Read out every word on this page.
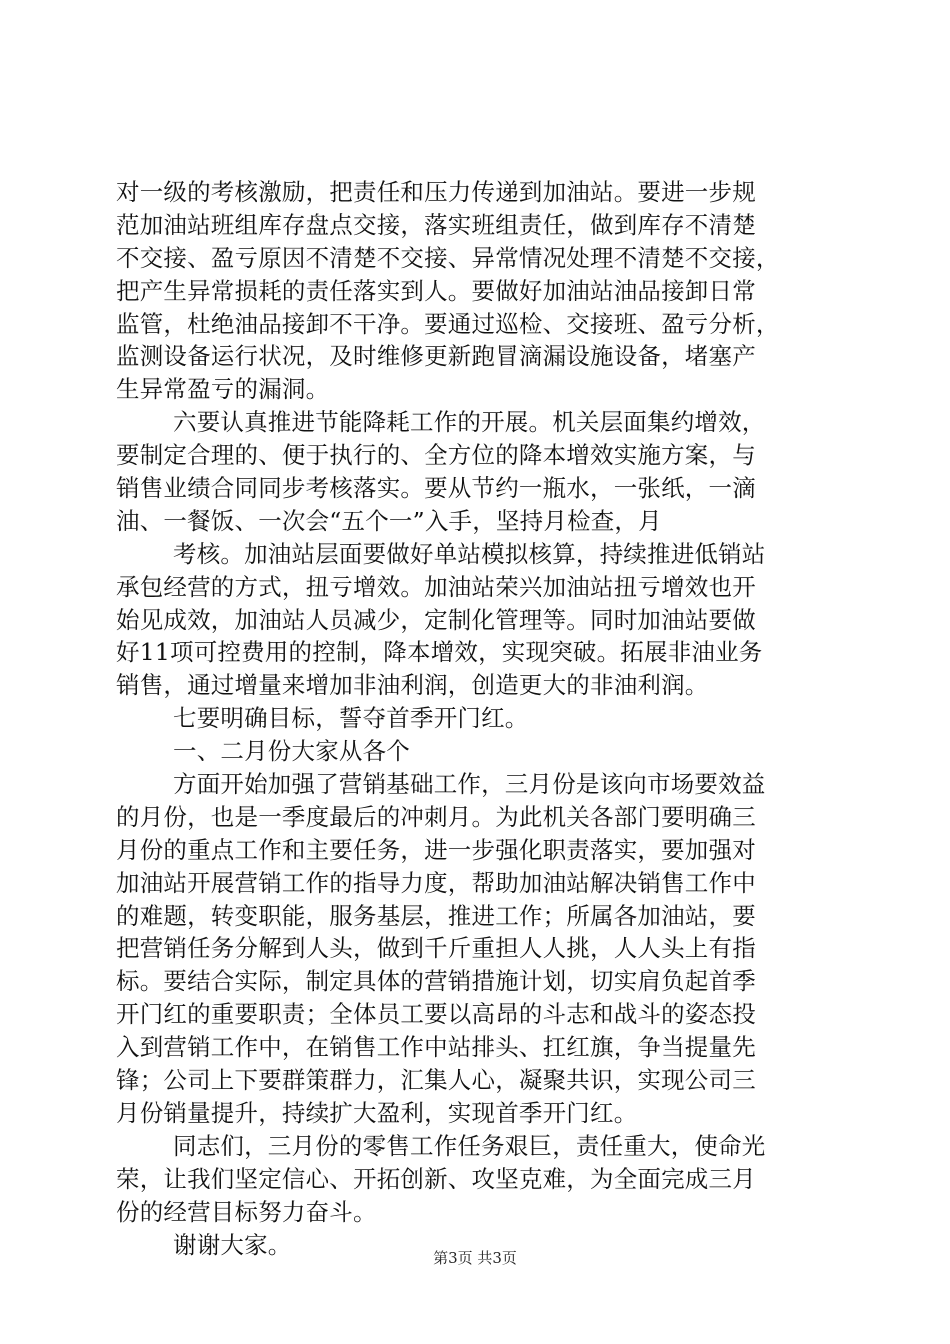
对一级的考核激励，把责任和压力传递到加油站。要进一步规
范加油站班组库存盘点交接，落实班组责任，做到库存不清楚
不交接、盈亏原因不清楚不交接、异常情况处理不清楚不交接，
把产生异常损耗的责任落实到人。要做好加油站油品接卸日常
监管，杜绝油品接卸不干净。要通过巡检、交接班、盈亏分析，
监测设备运行状况，及时维修更新跑冒滴漏设施设备，堵塞产
生异常盈亏的漏洞。
六要认真推进节能降耗工作的开展。机关层面集约增效，
要制定合理的、便于执行的、全方位的降本增效实施方案，与
销售业绩合同同步考核落实。要从节约一瓶水，一张纸，一滴
油、一餐饭、一次会“五个一”入手，坚持月检查，月
考核。加油站层面要做好单站模拟核算，持续推进低销站
承包经营的方式，扭亏增效。加油站荣兴加油站扭亏增效也开
始见成效，加油站人员减少，定制化管理等。同时加油站要做
好11项可控费用的控制，降本增效，实现突破。拓展非油业务
销售，通过增量来增加非油利润，创造更大的非油利润。
七要明确目标，誓夺首季开门红。
一、二月份大家从各个
方面开始加强了营销基础工作，三月份是该向市场要效益
的月份，也是一季度最后的冲刺月。为此机关各部门要明确三
月份的重点工作和主要任务，进一步强化职责落实，要加强对
加油站开展营销工作的指导力度，帮助加油站解决销售工作中
的难题，转变职能，服务基层，推进工作；所属各加油站，要
把营销任务分解到人头，做到千斤重担人人挑，人人头上有指
标。要结合实际，制定具体的营销措施计划，切实肩负起首季
开门红的重要职责；全体员工要以高昂的斗志和战斗的姿态投
入到营销工作中，在销售工作中站排头、扛红旗，争当提量先
锋；公司上下要群策群力，汇集人心，凝聚共识，实现公司三
月份销量提升，持续扩大盈利，实现首季开门红。
同志们，三月份的零售工作任务艰巨，责任重大，使命光
荣，让我们坚定信心、开拓创新、攻坚克难，为全面完成三月
份的经营目标努力奋斗。
谢谢大家。	第3页 共3页
